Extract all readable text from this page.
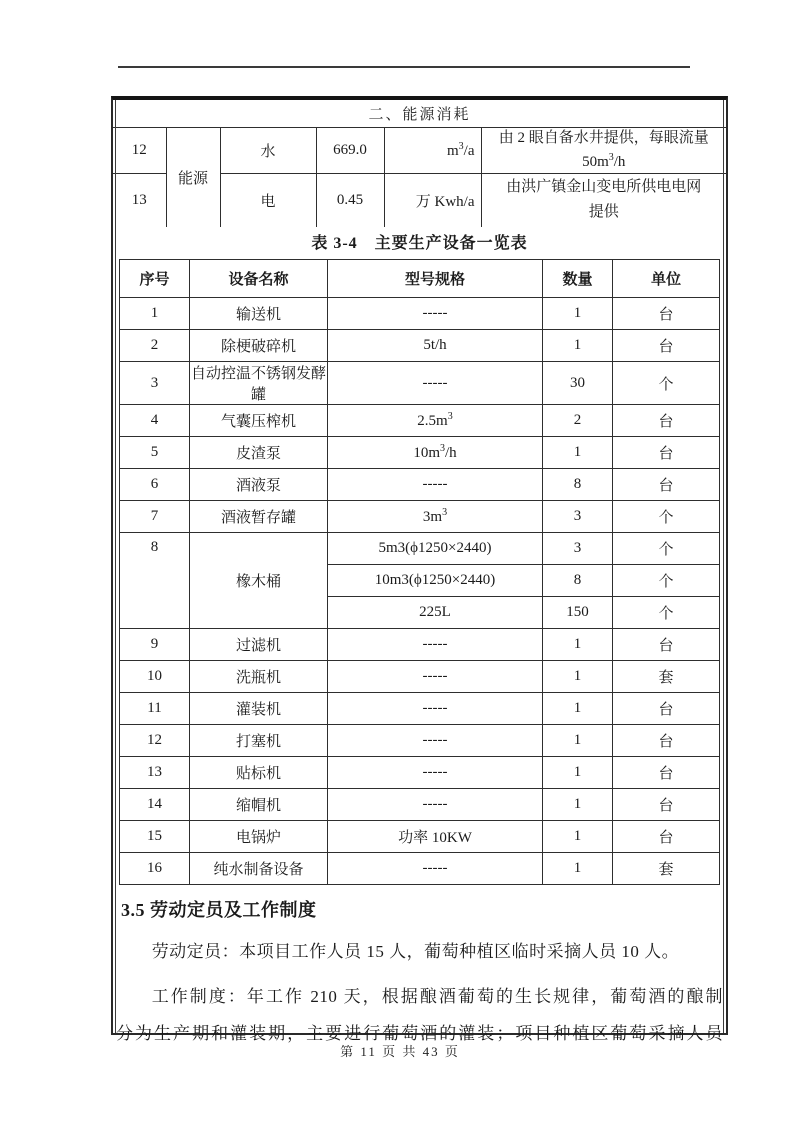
二、能源消耗					
12	能源	水	669.0	$m^3/a$	由 2 眼自备水井提供，每眼流量
$50m^3/h$

13		电	0.45	万 Kwh/a	由洪广镇金山变电所供电电网
提供
表 3-4　主要生产设备一览表
序号	设备名称	型号规格	数量	单位
1	输送机	-----	1	台
2	除梗破碎机	5t/h	1	台
3	自动控温不锈钢发酵罐	-----	30	个
4	气囊压榨机	$2.5m^3$	2	台
5	皮渣泵	$10m^3/h$	1	台
6	酒液泵	-----	8	台
7	酒液暂存罐	$3m^3$	3	个
8	橡木桶	5m3(ϕ1250×2440)	3	个
		10m3(ϕ1250×2440)	8	个
		225L	150	个
9	过滤机	-----	1	台
10	洗瓶机	-----	1	套
11	灌装机	-----	1	台
12	打塞机	-----	1	台
13	贴标机	-----	1	台
14	缩帽机	-----	1	台
15	电锅炉	功率 10KW	1	台
16	纯水制备设备	-----	1	套
3.5 劳动定员及工作制度
劳动定员：本项目工作人员 15 人，葡萄种植区临时采摘人员 10 人。
工作制度：年工作 210 天，根据酿酒葡萄的生长规律，葡萄酒的酿制
分为生产期和灌装期，主要进行葡萄酒的灌装；项目种植区葡萄采摘人员
第 11 页 共 43 页
